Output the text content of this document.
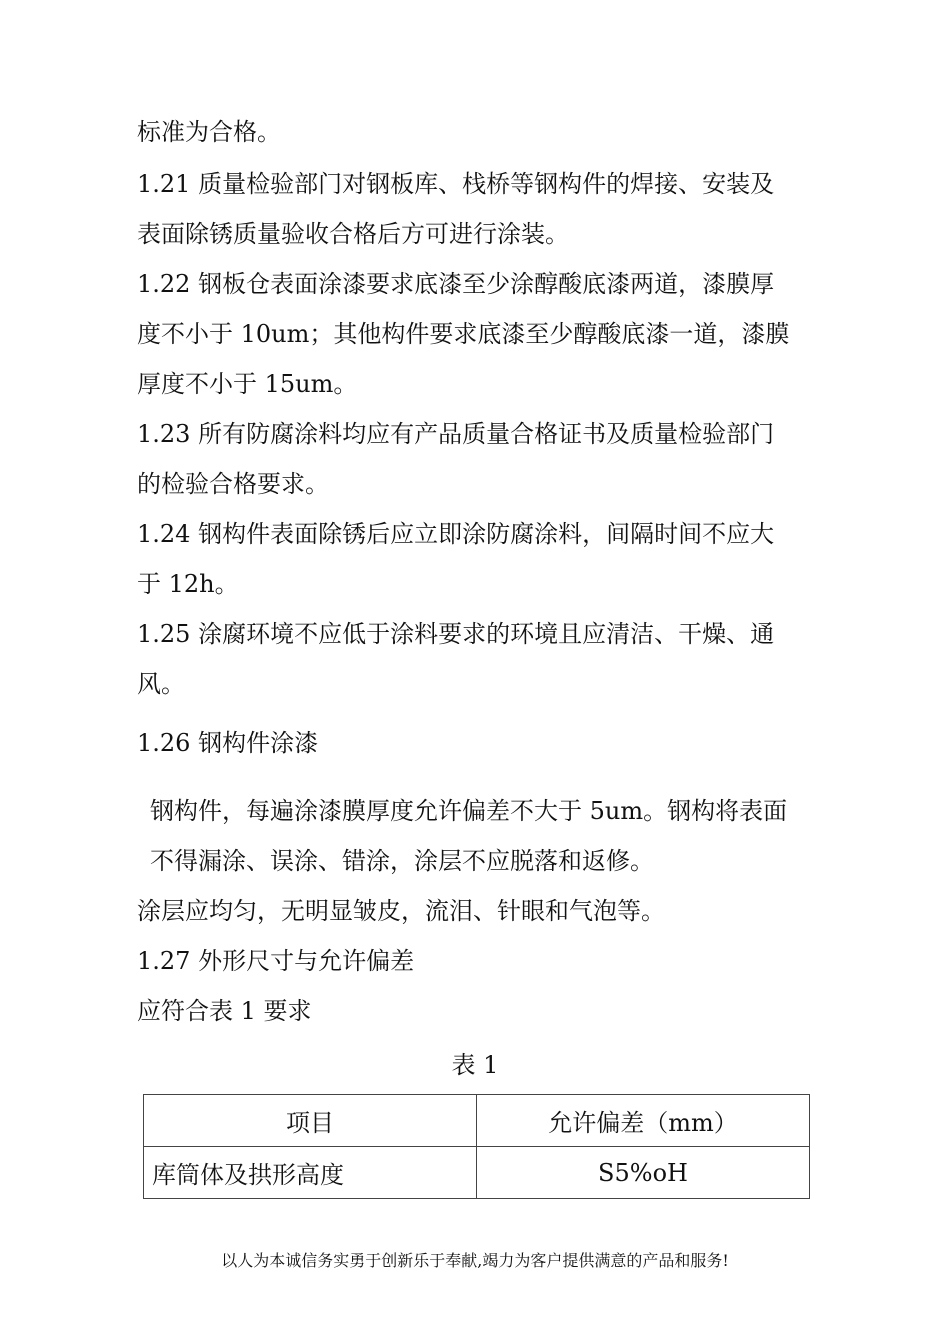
标准为合格。
1.21 质量检验部门对钢板库、栈桥等钢构件的焊接、安装及
表面除锈质量验收合格后方可进行涂装。
1.22 钢板仓表面涂漆要求底漆至少涂醇酸底漆两道，漆膜厚
度不小于 10um；其他构件要求底漆至少醇酸底漆一道，漆膜
厚度不小于 15um。
1.23 所有防腐涂料均应有产品质量合格证书及质量检验部门
的检验合格要求。
1.24 钢构件表面除锈后应立即涂防腐涂料，间隔时间不应大
于 12h。
1.25 涂腐环境不应低于涂料要求的环境且应清洁、干燥、通
风。
1.26 钢构件涂漆
钢构件，每遍涂漆膜厚度允许偏差不大于 5um。钢构将表面
不得漏涂、误涂、错涂，涂层不应脱落和返修。
涂层应均匀，无明显皱皮，流泪、针眼和气泡等。
1.27 外形尺寸与允许偏差
应符合表 1 要求
表 1
项目	允许偏差（mm）
库筒体及拱形高度	S5%oH
以人为本诚信务实勇于创新乐于奉献,竭力为客户提供满意的产品和服务!
